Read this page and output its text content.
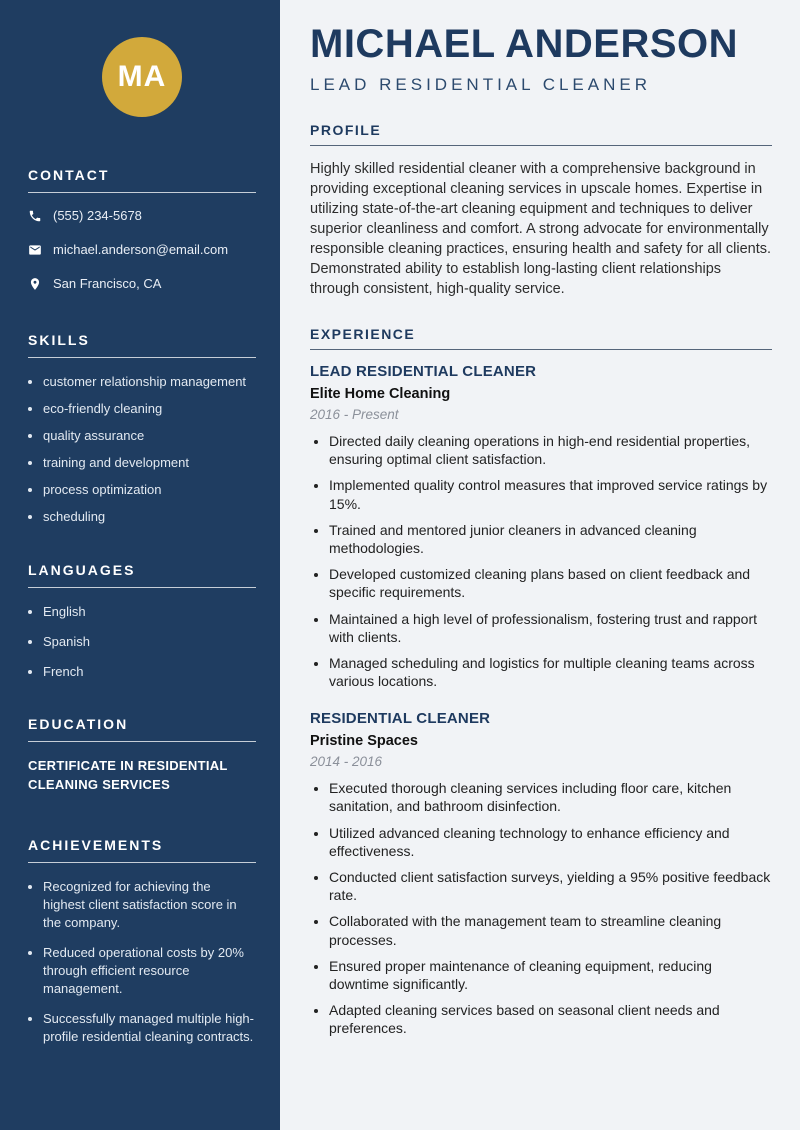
MA
CONTACT
(555) 234-5678
michael.anderson@email.com
San Francisco, CA
SKILLS
• customer relationship management
• eco-friendly cleaning
• quality assurance
• training and development
• process optimization
• scheduling
LANGUAGES
• English
• Spanish
• French
EDUCATION

CERTIFICATE IN RESIDENTIAL CLEANING SERVICES

ACHIEVEMENTS
• Recognized for achieving the highest client satisfaction score in the company.
• Reduced operational costs by 20% through efficient resource management.
• Successfully managed multiple high-profile residential cleaning contracts.
MICHAEL ANDERSON
LEAD RESIDENTIAL CLEANER
PROFILE

Highly skilled residential cleaner with a comprehensive background in providing exceptional cleaning services in upscale homes. Expertise in utilizing state-of-the-art cleaning equipment and techniques to deliver superior cleanliness and comfort. A strong advocate for environmentally responsible cleaning practices, ensuring health and safety for all clients. Demonstrated ability to establish long-lasting client relationships through consistent, high-quality service.

EXPERIENCE
LEAD RESIDENTIAL CLEANER

Elite Home Cleaning

2016 - Present

• Directed daily cleaning operations in high-end residential properties, ensuring optimal client satisfaction.
• Implemented quality control measures that improved service ratings by 15%.
• Trained and mentored junior cleaners in advanced cleaning methodologies.
• Developed customized cleaning plans based on client feedback and specific requirements.
• Maintained a high level of professionalism, fostering trust and rapport with clients.
• Managed scheduling and logistics for multiple cleaning teams across various locations.
RESIDENTIAL CLEANER

Pristine Spaces

2014 - 2016

• Executed thorough cleaning services including floor care, kitchen sanitation, and bathroom disinfection.
• Utilized advanced cleaning technology to enhance efficiency and effectiveness.
• Conducted client satisfaction surveys, yielding a 95% positive feedback rate.
• Collaborated with the management team to streamline cleaning processes.
• Ensured proper maintenance of cleaning equipment, reducing downtime significantly.
• Adapted cleaning services based on seasonal client needs and preferences.
